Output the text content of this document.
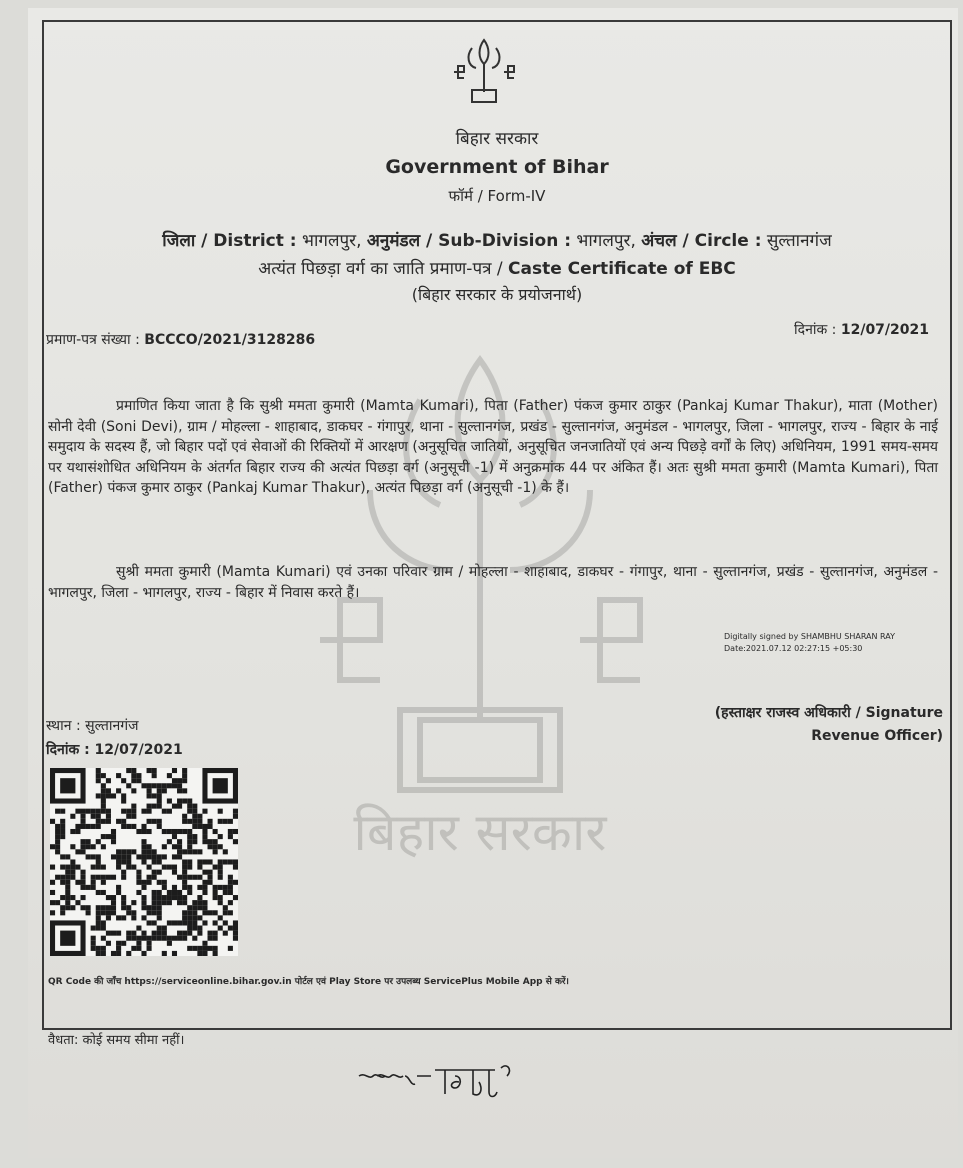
बिहार सरकार
Government of Bihar
फॉर्म / Form-IV
जिला / District : भागलपुर, अनुमंडल / Sub-Division : भागलपुर, अंचल / Circle : सुल्तानगंज
अत्यंत पिछड़ा वर्ग का जाति प्रमाण-पत्र / Caste Certificate of EBC
(बिहार सरकार के प्रयोजनार्थ)
प्रमाण-पत्र संख्या : BCCCO/2021/3128286
दिनांक : 12/07/2021

प्रमाणित किया जाता है कि सुश्री ममता कुमारी (Mamta Kumari), पिता (Father) पंकज कुमार ठाकुर (Pankaj Kumar Thakur), माता (Mother) सोनी देवी (Soni Devi), ग्राम / मोहल्ला - शाहाबाद, डाकघर - गंगापुर, थाना - सुल्तानगंज, प्रखंड - सुल्तानगंज, अनुमंडल - भागलपुर, जिला - भागलपुर, राज्य - बिहार के नाई समुदाय के सदस्य हैं, जो बिहार पदों एवं सेवाओं की रिक्तियों में आरक्षण (अनुसूचित जातियों, अनुसूचित जनजातियों एवं अन्य पिछड़े वर्गों के लिए) अधिनियम, 1991 समय-समय पर यथासंशोधित अधिनियम के अंतर्गत बिहार राज्य की अत्यंत पिछड़ा वर्ग (अनुसूची -1) में अनुक्रमांक 44 पर अंकित हैं। अतः सुश्री ममता कुमारी (Mamta Kumari), पिता (Father) पंकज कुमार ठाकुर (Pankaj Kumar Thakur), अत्यंत पिछड़ा वर्ग (अनुसूची -1) के हैं।

सुश्री ममता कुमारी (Mamta Kumari) एवं उनका परिवार ग्राम / मोहल्ला - शाहाबाद, डाकघर - गंगापुर, थाना - सुल्तानगंज, प्रखंड - सुल्तानगंज, अनुमंडल - भागलपुर, जिला - भागलपुर, राज्य - बिहार में निवास करते हैं।

Digitally signed by SHAMBHU SHARAN RAY
Date:2021.07.12 02:27:15 +05:30
(हस्ताक्षर राजस्व अधिकारी / Signature
Revenue Officer)
स्थान : सुल्तानगंज
दिनांक : 12/07/2021
QR Code की जाँच https://serviceonline.bihar.gov.in पोर्टल एवं Play Store पर उपलब्ध ServicePlus Mobile App से करें।
वैधता: कोई समय सीमा नहीं।
